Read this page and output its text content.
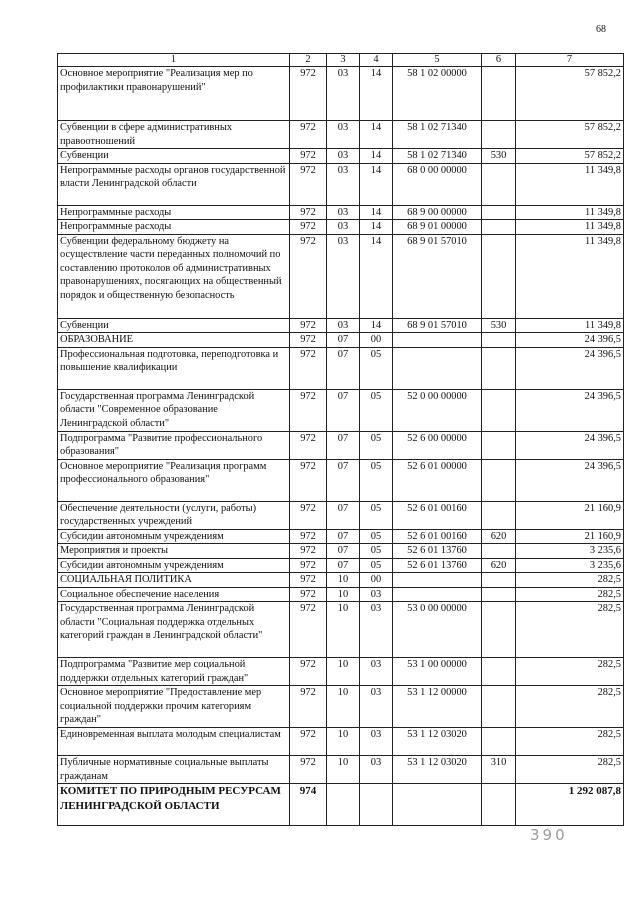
68
1	2	3	4	5	6	7
Основное мероприятие "Реализация мер по профилактики правонарушений"	972	03	14	58 1 02 00000		57 852,2
Субвенции в сфере административных правоотношений	972	03	14	58 1 02 71340		57 852,2
Субвенции	972	03	14	58 1 02 71340	530	57 852,2
Непрограммные расходы органов государственной власти Ленинградской области	972	03	14	68 0 00 00000		11 349,8
Непрограммные расходы	972	03	14	68 9 00 00000		11 349,8
Непрограммные расходы	972	03	14	68 9 01 00000		11 349,8
Субвенции федеральному бюджету на осуществление части переданных полномочий по составлению протоколов об административных правонарушениях, посягающих на общественный порядок и общественную безопасность	972	03	14	68 9 01 57010		11 349,8
Субвенции	972	03	14	68 9 01 57010	530	11 349,8
ОБРАЗОВАНИЕ	972	07	00			24 396,5
Профессиональная подготовка, переподготовка и повышение квалификации	972	07	05			24 396,5
Государственная программа Ленинградской области "Современное образование Ленинградской области"	972	07	05	52 0 00 00000		24 396,5
Подпрограмма "Развитие профессионального образования"	972	07	05	52 6 00 00000		24 396,5
Основное мероприятие "Реализация программ профессионального образования"	972	07	05	52 6 01 00000		24 396,5
Обеспечение деятельности (услуги, работы) государственных учреждений	972	07	05	52 6 01 00160		21 160,9
Субсидии автономным учреждениям	972	07	05	52 6 01 00160	620	21 160,9
Мероприятия и проекты	972	07	05	52 6 01 13760		3 235,6
Субсидии автономным учреждениям	972	07	05	52 6 01 13760	620	3 235,6
СОЦИАЛЬНАЯ ПОЛИТИКА	972	10	00			282,5
Социальное обеспечение населения	972	10	03			282,5
Государственная программа Ленинградской области "Социальная поддержка отдельных категорий граждан в Ленинградской области"	972	10	03	53 0 00 00000		282,5
Подпрограмма "Развитие мер социальной поддержки отдельных категорий граждан"	972	10	03	53 1 00 00000		282,5
Основное мероприятие "Предоставление мер социальной поддержки прочим категориям граждан"	972	10	03	53 1 12 00000		282,5
Единовременная выплата молодым специалистам	972	10	03	53 1 12 03020		282,5
Публичные нормативные социальные выплаты гражданам	972	10	03	53 1 12 03020	310	282,5
КОМИТЕТ ПО ПРИРОДНЫМ РЕСУРСАМ ЛЕНИНГРАДСКОЙ ОБЛАСТИ	974					1 292 087,8
390
